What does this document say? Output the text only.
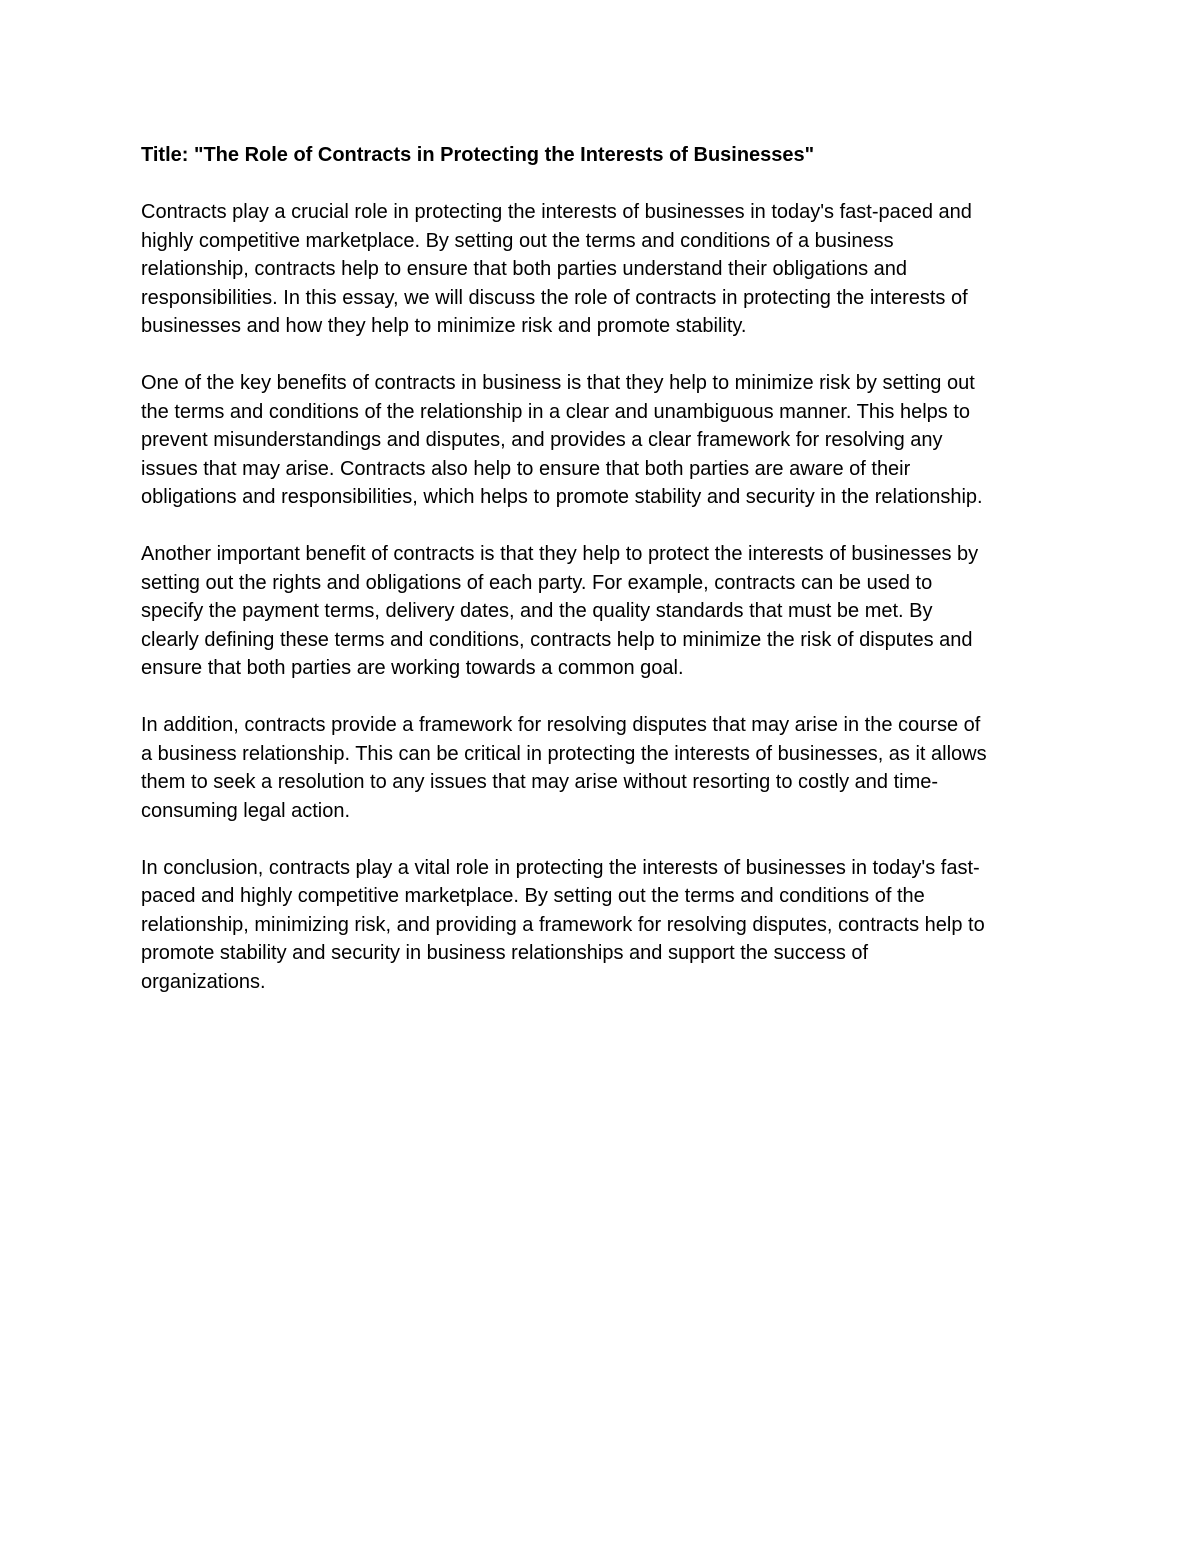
Title: "The Role of Contracts in Protecting the Interests of Businesses"
Contracts play a crucial role in protecting the interests of businesses in today's fast-paced and
highly competitive marketplace. By setting out the terms and conditions of a business
relationship, contracts help to ensure that both parties understand their obligations and
responsibilities. In this essay, we will discuss the role of contracts in protecting the interests of
businesses and how they help to minimize risk and promote stability.
One of the key benefits of contracts in business is that they help to minimize risk by setting out
the terms and conditions of the relationship in a clear and unambiguous manner. This helps to
prevent misunderstandings and disputes, and provides a clear framework for resolving any
issues that may arise. Contracts also help to ensure that both parties are aware of their
obligations and responsibilities, which helps to promote stability and security in the relationship.
Another important benefit of contracts is that they help to protect the interests of businesses by
setting out the rights and obligations of each party. For example, contracts can be used to
specify the payment terms, delivery dates, and the quality standards that must be met. By
clearly defining these terms and conditions, contracts help to minimize the risk of disputes and
ensure that both parties are working towards a common goal.
In addition, contracts provide a framework for resolving disputes that may arise in the course of
a business relationship. This can be critical in protecting the interests of businesses, as it allows
them to seek a resolution to any issues that may arise without resorting to costly and time-
consuming legal action.
In conclusion, contracts play a vital role in protecting the interests of businesses in today's fast-
paced and highly competitive marketplace. By setting out the terms and conditions of the
relationship, minimizing risk, and providing a framework for resolving disputes, contracts help to
promote stability and security in business relationships and support the success of
organizations.
